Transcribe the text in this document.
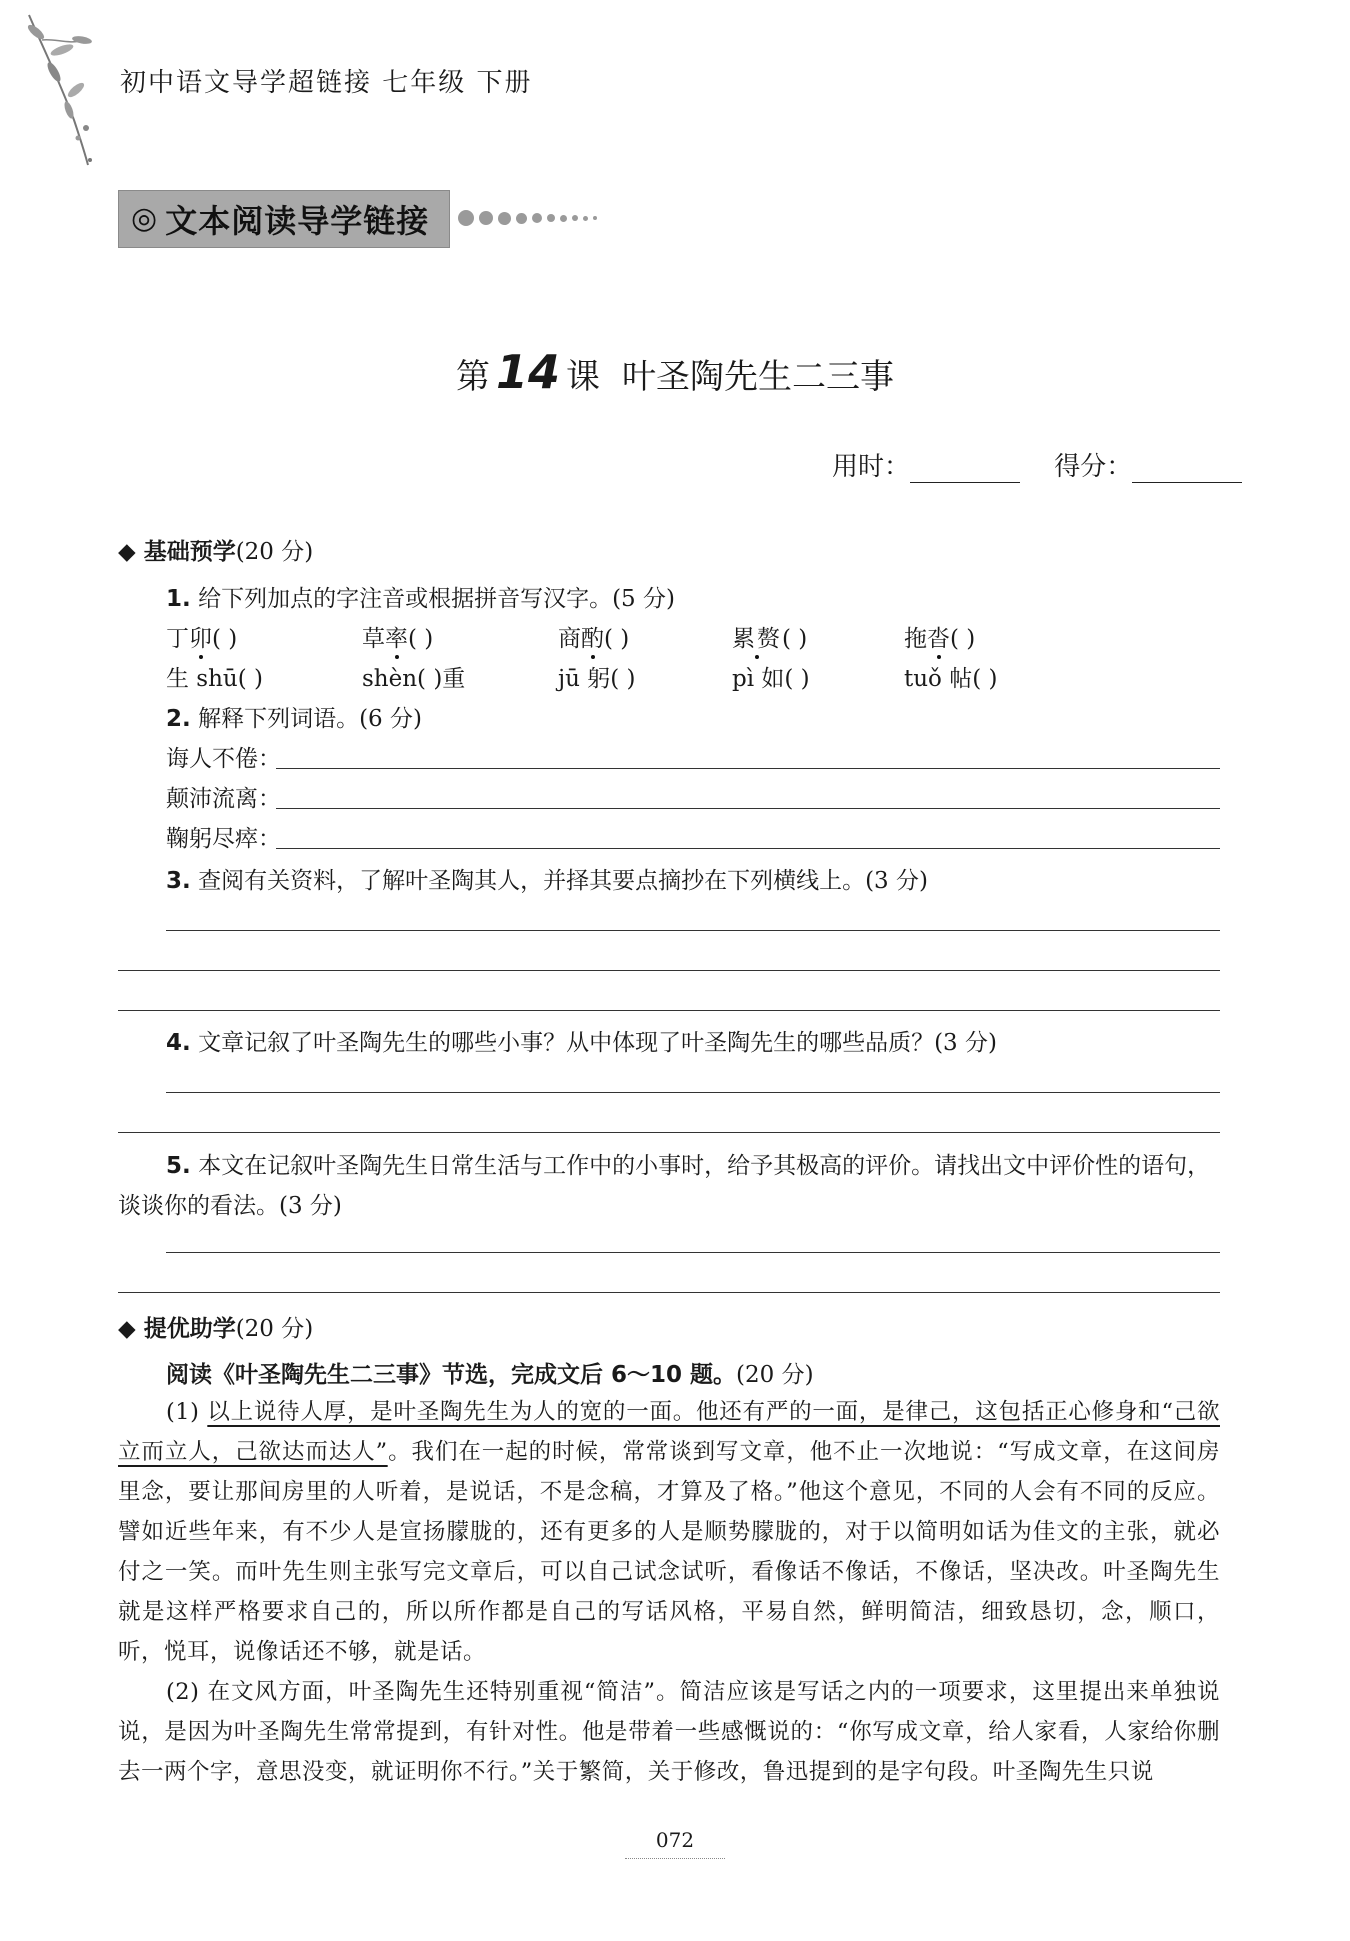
初中语文导学超链接 七年级 下册
◎ 文本阅读导学链接
第 14 课 叶圣陶先生二三事
用时：	得分：
◆ 基础预学(20 分)
1. 给下列加点的字注音或根据拼音写汉字。(5 分)
丁卯( )	草率( )	商酌( )	累赘( )	拖沓( )
生 shū( )	shèn( )重	jū 躬( )	pì 如( )	tuǒ 帖( )
2. 解释下列词语。(6 分)
诲人不倦：
颠沛流离：
鞠躬尽瘁：
3. 查阅有关资料，了解叶圣陶其人，并择其要点摘抄在下列横线上。(3 分)
4. 文章记叙了叶圣陶先生的哪些小事？从中体现了叶圣陶先生的哪些品质？(3 分)
5. 本文在记叙叶圣陶先生日常生活与工作中的小事时，给予其极高的评价。请找出文中评价性的语句，谈谈你的看法。(3 分)
◆ 提优助学(20 分)
阅读《叶圣陶先生二三事》节选，完成文后 6～10 题。(20 分)
(1) 以上说待人厚，是叶圣陶先生为人的宽的一面。他还有严的一面，是律己，这包括正心修身和“己欲立而立人，己欲达而达人”。我们在一起的时候，常常谈到写文章，他不止一次地说：“写成文章，在这间房里念，要让那间房里的人听着，是说话，不是念稿，才算及了格。”他这个意见，不同的人会有不同的反应。譬如近些年来，有不少人是宣扬朦胧的，还有更多的人是顺势朦胧的，对于以简明如话为佳文的主张，就必付之一笑。而叶先生则主张写完文章后，可以自己试念试听，看像话不像话，不像话，坚决改。叶圣陶先生就是这样严格要求自己的，所以所作都是自己的写话风格，平易自然，鲜明简洁，细致恳切，念，顺口，听，悦耳，说像话还不够，就是话。
(2) 在文风方面，叶圣陶先生还特别重视“简洁”。简洁应该是写话之内的一项要求，这里提出来单独说说，是因为叶圣陶先生常常提到，有针对性。他是带着一些感慨说的：“你写成文章，给人家看，人家给你删去一两个字，意思没变，就证明你不行。”关于繁简，关于修改，鲁迅提到的是字句段。叶圣陶先生只说
072
